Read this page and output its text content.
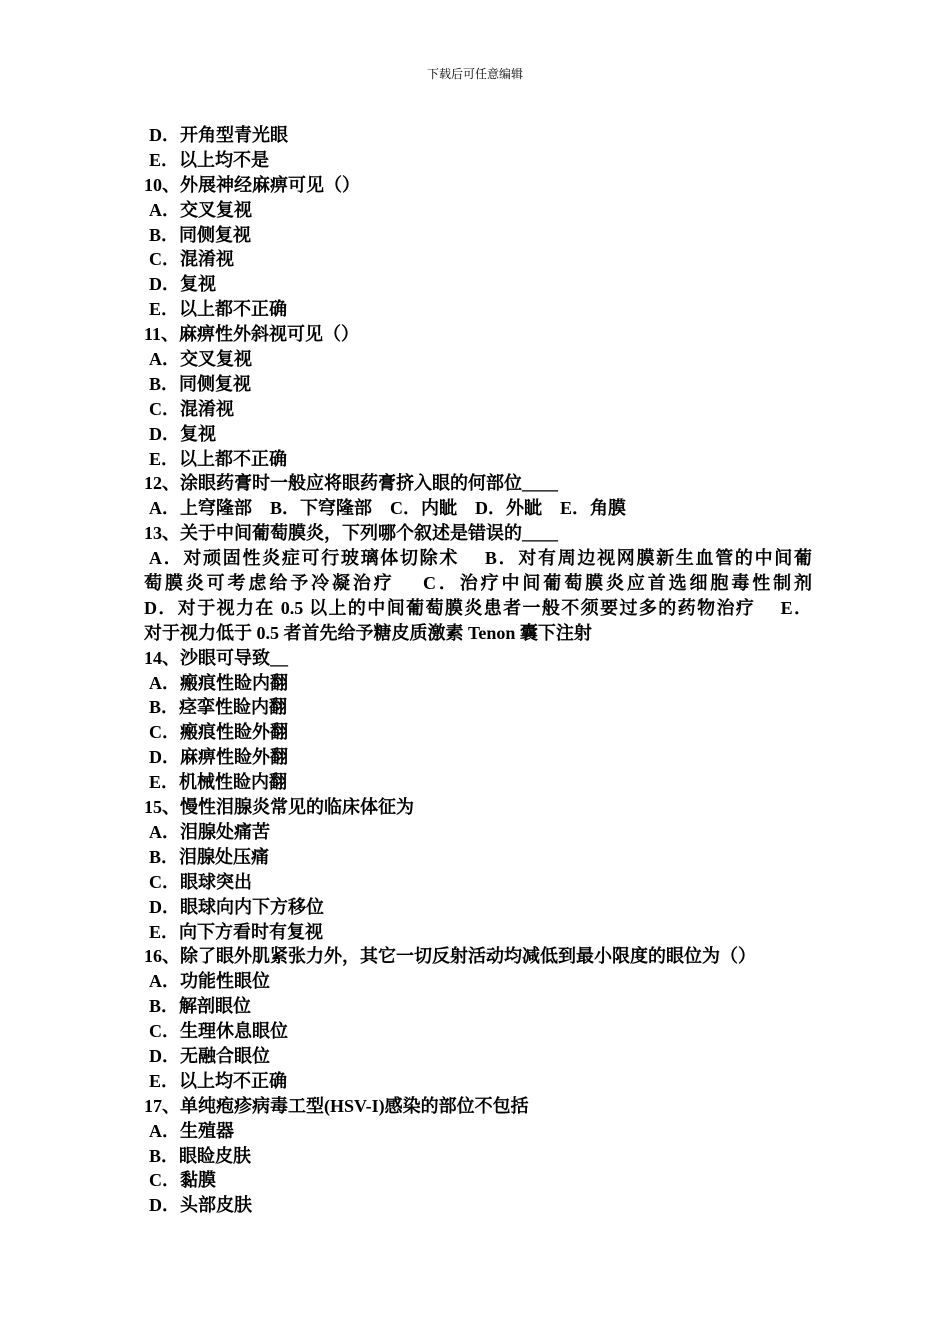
下载后可任意编辑
D．开角型青光眼
E．以上均不是
10、外展神经麻痹可见（）
A．交叉复视
B．同侧复视
C．混淆视
D．复视
E．以上都不正确
11、麻痹性外斜视可见（）
A．交叉复视
B．同侧复视
C．混淆视
D．复视
E．以上都不正确
12、涂眼药膏时一般应将眼药膏挤入眼的何部位____
A．上穹隆部　B．下穹隆部　C．内眦　D．外眦　E．角膜
13、关于中间葡萄膜炎，下列哪个叙述是错误的____
A．对顽固性炎症可行玻璃体切除术　 B．对有周边视网膜新生血管的中间葡
萄膜炎可考虑给予冷凝治疗　 C．治疗中间葡萄膜炎应首选细胞毒性制剂
D．对于视力在 0.5 以上的中间葡萄膜炎患者一般不须要过多的药物治疗　 E．
对于视力低于 0.5 者首先给予糖皮质激素 Tenon 囊下注射
14、沙眼可导致__
A．瘢痕性睑内翻
B．痉挛性睑内翻
C．瘢痕性睑外翻
D．麻痹性睑外翻
E．机械性睑内翻
15、慢性泪腺炎常见的临床体征为
A．泪腺处痛苦
B．泪腺处压痛
C．眼球突出
D．眼球向内下方移位
E．向下方看时有复视
16、除了眼外肌紧张力外，其它一切反射活动均减低到最小限度的眼位为（）
A．功能性眼位
B．解剖眼位
C．生理休息眼位
D．无融合眼位
E．以上均不正确
17、单纯疱疹病毒工型(HSV-I)感染的部位不包括
A．生殖器
B．眼睑皮肤
C．黏膜
D．头部皮肤
